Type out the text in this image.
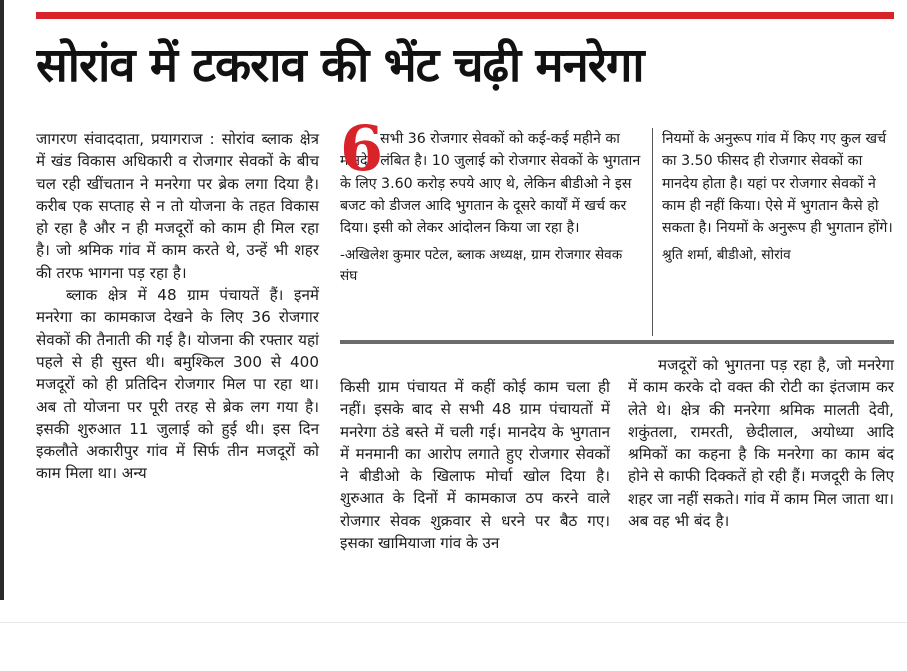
सोरांव में टकराव की भेंट चढ़ी मनरेगा

जागरण संवाददाता, प्रयागराज : सोरांव ब्लाक क्षेत्र में खंड विकास अधिकारी व रोजगार सेवकों के बीच चल रही खींचतान ने मनरेगा पर ब्रेक लगा दिया है। करीब एक सप्ताह से न तो योजना के तहत विकास हो रहा है और न ही मजदूरों को काम ही मिल रहा है। जो श्रमिक गांव में काम करते थे, उन्हें भी शहर की तरफ भागना पड़ रहा है।

ब्लाक क्षेत्र में 48 ग्राम पंचायतें हैं। इनमें मनरेगा का कामकाज देखने के लिए 36 रोजगार सेवकों की तैनाती की गई है। योजना की रफ्तार यहां पहले से ही सुस्त थी। बमुश्किल 300 से 400 मजदूरों को ही प्रतिदिन रोजगार मिल पा रहा था। अब तो योजना पर पूरी तरह से ब्रेक लग गया है। इसकी शुरुआत 11 जुलाई को हुई थी। इस दिन इकलौते अकारीपुर गांव में सिर्फ तीन मजदूरों को काम मिला था। अन्य

6

सभी 36 रोजगार सेवकों को कई-कई महीने का मानदेय लंबित है। 10 जुलाई को रोजगार सेवकों के भुगतान के लिए 3.60 करोड़ रुपये आए थे, लेकिन बीडीओ ने इस बजट को डीजल आदि भुगतान के दूसरे कार्यों में खर्च कर दिया। इसी को लेकर आंदोलन किया जा रहा है।

-अखिलेश कुमार पटेल, ब्लाक अध्यक्ष, ग्राम रोजगार सेवक संघ

नियमों के अनुरूप गांव में किए गए कुल खर्च का 3.50 फीसद ही रोजगार सेवकों का मानदेय होता है। यहां पर रोजगार सेवकों ने काम ही नहीं किया। ऐसे में भुगतान कैसे हो सकता है। नियमों के अनुरूप ही भुगतान होंगे।

श्रुति शर्मा, बीडीओ, सोरांव

किसी ग्राम पंचायत में कहीं कोई काम चला ही नहीं। इसके बाद से सभी 48 ग्राम पंचायतों में मनरेगा ठंडे बस्ते में चली गई। मानदेय के भुगतान में मनमानी का आरोप लगाते हुए रोजगार सेवकों ने बीडीओ के खिलाफ मोर्चा खोल दिया है। शुरुआत के दिनों में कामकाज ठप करने वाले रोजगार सेवक शुक्रवार से धरने पर बैठ गए। इसका खामियाजा गांव के उन

मजदूरों को भुगतना पड़ रहा है, जो मनरेगा में काम करके दो वक्त की रोटी का इंतजाम कर लेते थे। क्षेत्र की मनरेगा श्रमिक मालती देवी, शकुंतला, रामरती, छेदीलाल, अयोध्या आदि श्रमिकों का कहना है कि मनरेगा का काम बंद होने से काफी दिक्कतें हो रही हैं। मजदूरी के लिए शहर जा नहीं सकते। गांव में काम मिल जाता था। अब वह भी बंद है।
